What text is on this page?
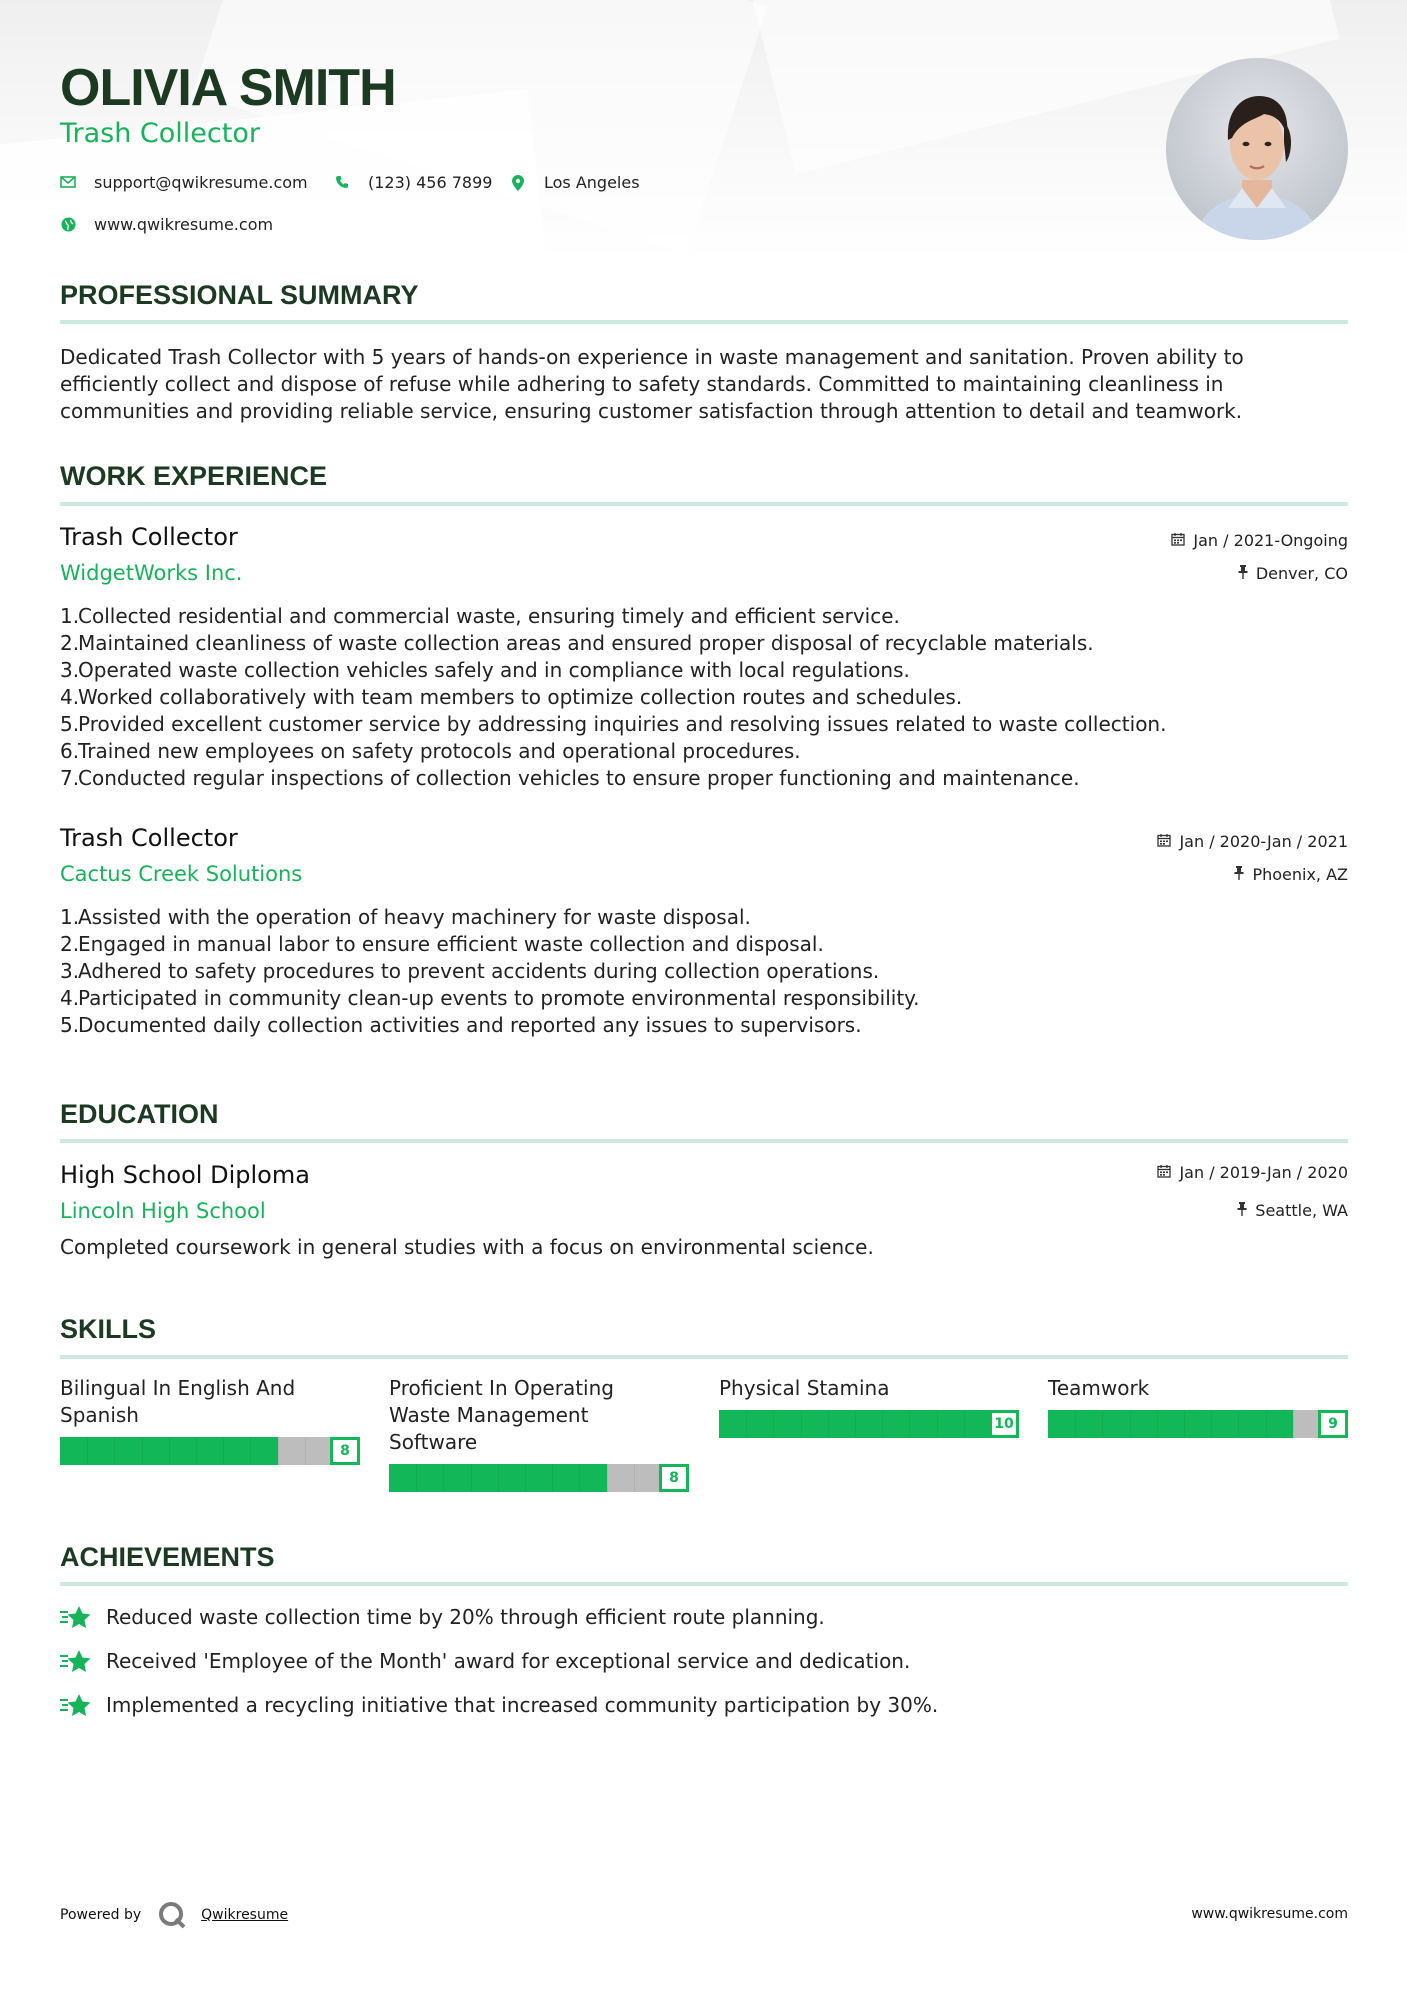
OLIVIA SMITH
Trash Collector
support@qwikresume.com	(123) 456 7899	Los Angeles
www.qwikresume.com
PROFESSIONAL SUMMARY
Dedicated Trash Collector with 5 years of hands-on experience in waste management and sanitation. Proven ability to
efficiently collect and dispose of refuse while adhering to safety standards. Committed to maintaining cleanliness in
communities and providing reliable service, ensuring customer satisfaction through attention to detail and teamwork.
WORK EXPERIENCE
Trash Collector
WidgetWorks Inc.
Jan / 2021-Ongoing
Denver, CO
1.
Collected residential and commercial waste, ensuring timely and efficient service.
2.
Maintained cleanliness of waste collection areas and ensured proper disposal of recyclable materials.
3.
Operated waste collection vehicles safely and in compliance with local regulations.
4.
Worked collaboratively with team members to optimize collection routes and schedules.
5.
Provided excellent customer service by addressing inquiries and resolving issues related to waste collection.
6.
Trained new employees on safety protocols and operational procedures.
7.
Conducted regular inspections of collection vehicles to ensure proper functioning and maintenance.
Trash Collector
Cactus Creek Solutions
Jan / 2020-Jan / 2021
Phoenix, AZ
1.
Assisted with the operation of heavy machinery for waste disposal.
2.
Engaged in manual labor to ensure efficient waste collection and disposal.
3.
Adhered to safety procedures to prevent accidents during collection operations.
4.
Participated in community clean-up events to promote environmental responsibility.
5.
Documented daily collection activities and reported any issues to supervisors.
EDUCATION
High School Diploma
Lincoln High School
Jan / 2019-Jan / 2020
Seattle, WA
Completed coursework in general studies with a focus on environmental science.
SKILLS
Bilingual In English And
Spanish
8
Proficient In Operating
Waste Management
Software
8
Physical Stamina
10
Teamwork
9
ACHIEVEMENTS
Reduced waste collection time by 20% through efficient route planning.
Received 'Employee of the Month' award for exceptional service and dedication.
Implemented a recycling initiative that increased community participation by 30%.
Powered by	Qwikresume	www.qwikresume.com
